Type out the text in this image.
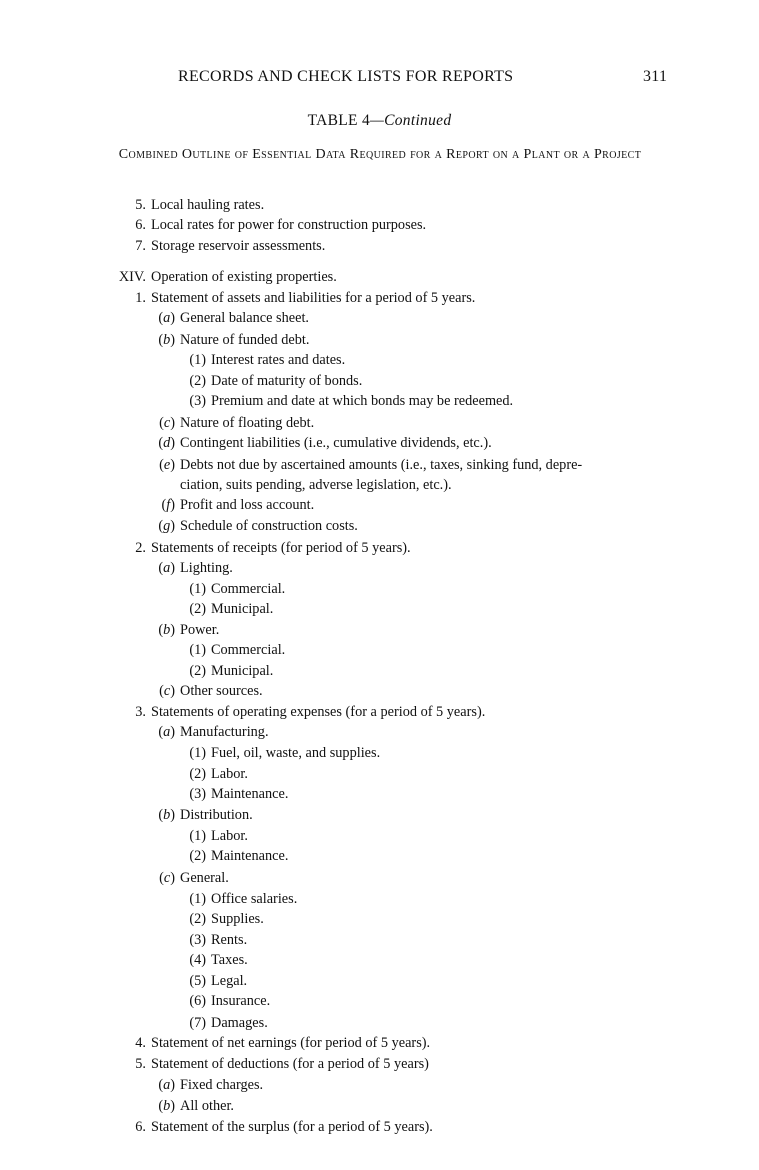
RECORDS AND CHECK LISTS FOR REPORTS	311
TABLE 4—Continued
Combined Outline of Essential Data Required for a Report on a Plant or a Project
5. Local hauling rates.
6. Local rates for power for construction purposes.
7. Storage reservoir assessments.
XIV. Operation of existing properties.
1. Statement of assets and liabilities for a period of 5 years.
(a) General balance sheet.
(b) Nature of funded debt.
(1) Interest rates and dates.
(2) Date of maturity of bonds.
(3) Premium and date at which bonds may be redeemed.
(c) Nature of floating debt.
(d) Contingent liabilities (i.e., cumulative dividends, etc.).
(e) Debts not due by ascertained amounts (i.e., taxes, sinking fund, depre-
ciation, suits pending, adverse legislation, etc.).
(f) Profit and loss account.
(g) Schedule of construction costs.
2. Statements of receipts (for period of 5 years).
(a) Lighting.
(1) Commercial.
(2) Municipal.
(b) Power.
(1) Commercial.
(2) Municipal.
(c) Other sources.
3. Statements of operating expenses (for a period of 5 years).
(a) Manufacturing.
(1) Fuel, oil, waste, and supplies.
(2) Labor.
(3) Maintenance.
(b) Distribution.
(1) Labor.
(2) Maintenance.
(c) General.
(1) Office salaries.
(2) Supplies.
(3) Rents.
(4) Taxes.
(5) Legal.
(6) Insurance.
(7) Damages.
4. Statement of net earnings (for period of 5 years).
5. Statement of deductions (for a period of 5 years)
(a) Fixed charges.
(b) All other.
6. Statement of the surplus (for a period of 5 years).
